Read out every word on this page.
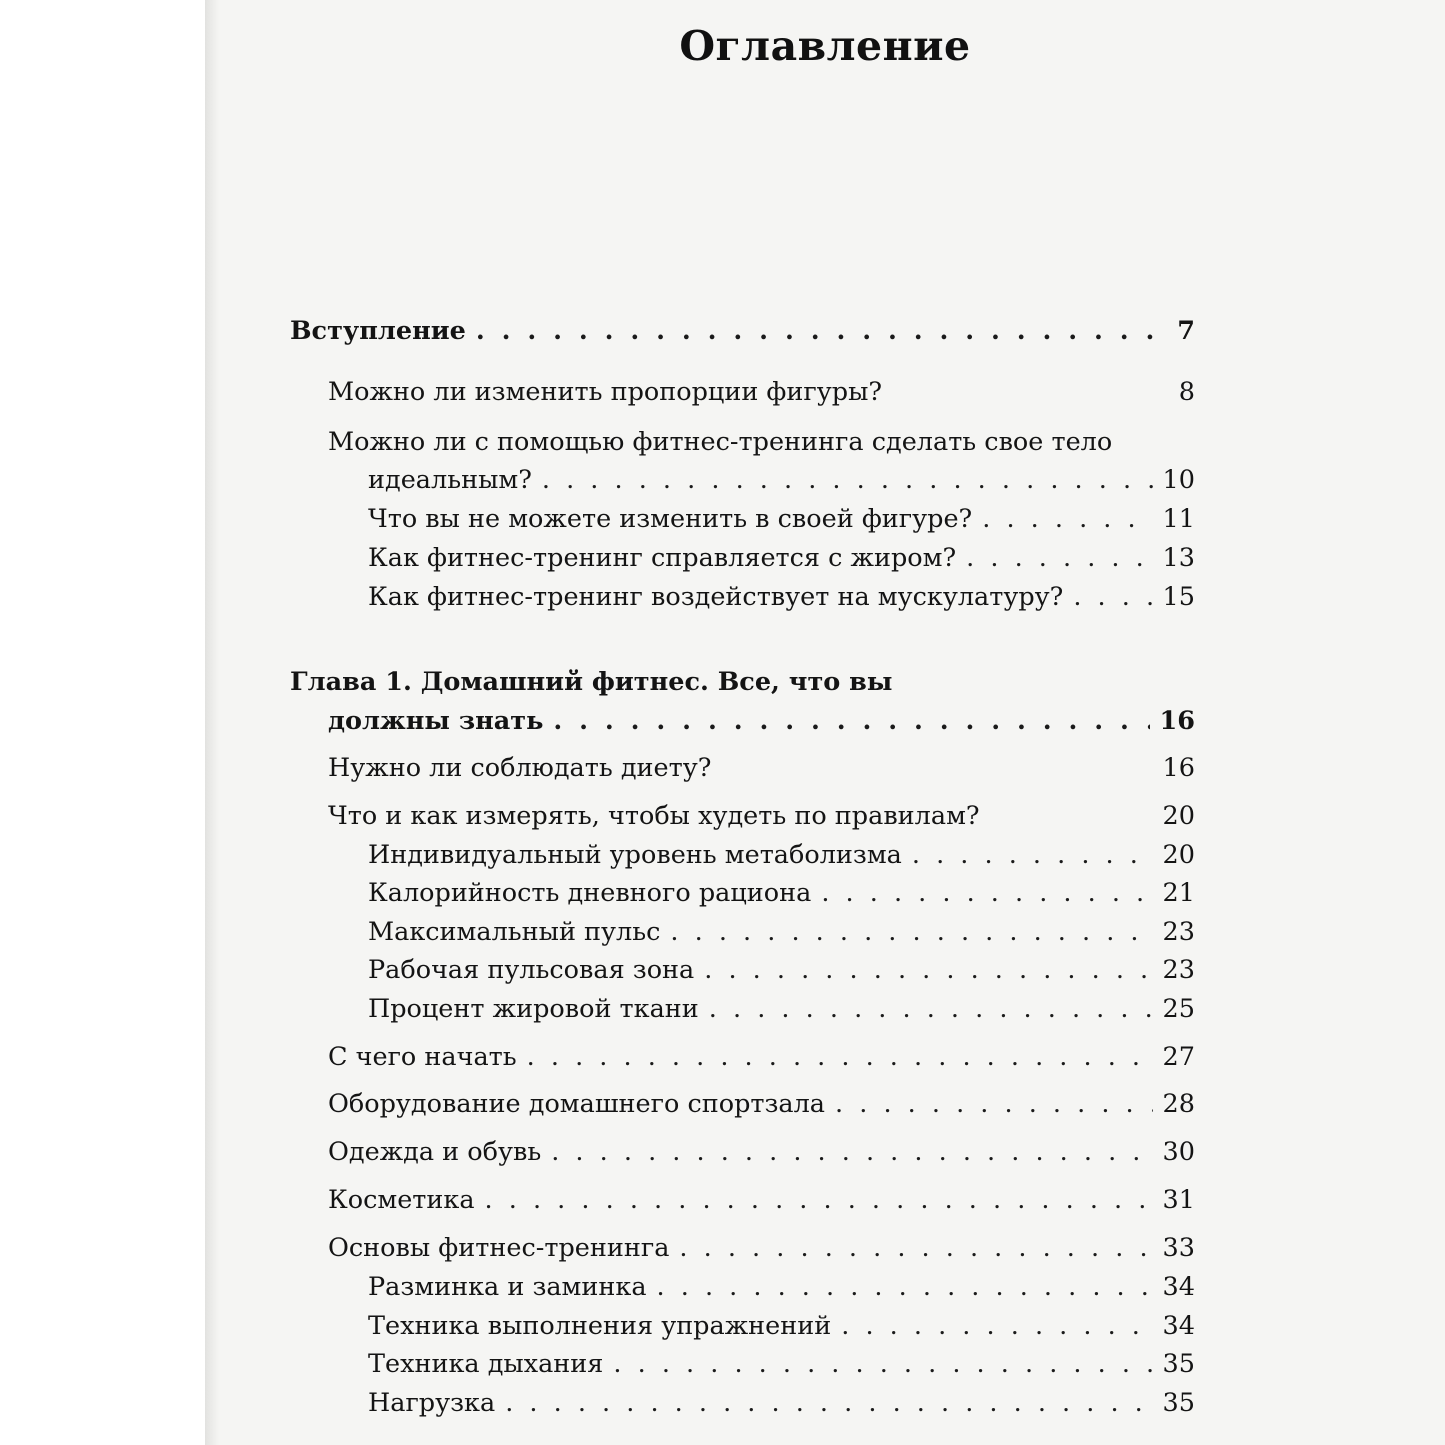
Оглавление
Вступление . . .	7
Можно ли изменить пропорции фигуры?	8
Можно ли с помощью фитнес-тренинга сделать свое тело
идеальным? . . .	10
Что вы не можете изменить в своей фигуре? . . .	11
Как фитнес-тренинг справляется с жиром? . . .	13
Как фитнес-тренинг воздействует на мускулатуру? . . .	15
Глава 1. Домашний фитнес. Все, что вы
должны знать . . .	16
Нужно ли соблюдать диету?	16
Что и как измерять, чтобы худеть по правилам?	20
Индивидуальный уровень метаболизма . . .	20
Калорийность дневного рациона . . .	21
Максимальный пульс . . .	23
Рабочая пульсовая зона . . .	23
Процент жировой ткани . . .	25
С чего начать . . .	27
Оборудование домашнего спортзала . . .	28
Одежда и обувь . . .	30
Косметика . . .	31
Основы фитнес-тренинга . . .	33
Разминка и заминка . . .	34
Техника выполнения упражнений . . .	34
Техника дыхания . . .	35
Нагрузка . . .	35
